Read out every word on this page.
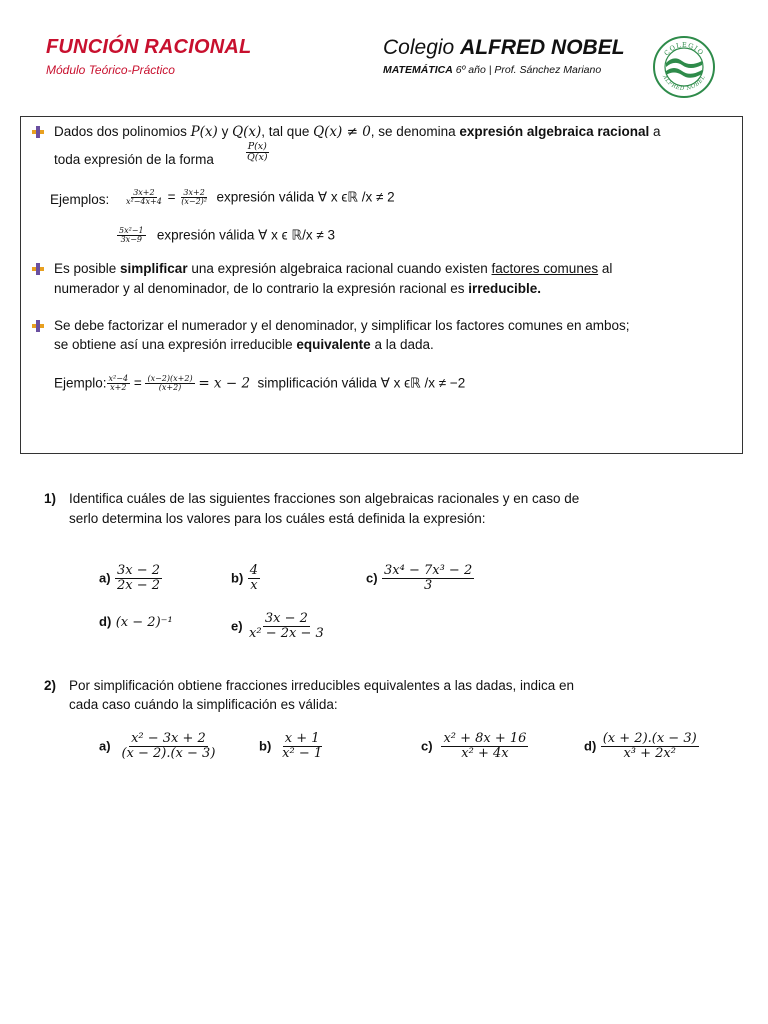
FUNCIÓN RACIONAL
Módulo Teórico-Práctico
Colegio ALFRED NOBEL
MATEMÁTICA 6º año | Prof. Sánchez Mariano
COLEGIO
ALFRED NOBEL
Dados dos polinomios P(x) y Q(x), tal que Q(x) ≠ 0, se denomina expresión algebraica racional a
toda expresión de la forma	$\frac{P(x)}{Q(x)}$
Ejemplos: $\frac{3x+2}{\text{x²−4x+4}} = \frac{3x+2}{\text{(x−2)²}}$ expresión válida ∀ x ϵℝ /x ≠ 2
$\frac{\text{5x²−1}}{3x-9}$ expresión válida ∀ x ϵ ℝ/x ≠ 3
Es posible simplificar una expresión algebraica racional cuando existen factores comunes al
numerador y al denominador, de lo contrario la expresión racional es irreducible.
Se debe factorizar el numerador y el denominador, y simplificar los factores comunes en ambos;
se obtiene así una expresión irreducible equivalente a la dada.
Ejemplo: $\frac{\text{x²−4}}{x+2} = \frac{(x-2)(x+2)}{(x+2)} = x - 2$ simplificación válida ∀ x ϵℝ /x ≠ −2
1) Identifica cuáles de las siguientes fracciones son algebraicas racionales y en caso de
serlo determina los valores para los cuáles está definida la expresión:
$a) \frac{3x - 2}{2x - 2}$	$b) \frac{4}{x}$	$c) \frac{\text{3x⁴ − 7x³ − 2}}{3}$
d) (x − 2)⁻¹	$e) \frac{3x - 2}{\text{x² − 2x − 3}}$
2) Por simplificación obtiene fracciones irreducibles equivalentes a las dadas, indica en
cada caso cuándo la simplificación es válida:
$a) \frac{\text{x² − 3x + 2}}{(x - 2).(x - 3)}$	$b) \frac{x + 1}{\text{x² − 1}}$	$c) \frac{\text{x² + 8x + 16}}{\text{x² + 4x}}$	$d) \frac{(x + 2).(x - 3)}{\text{x³ + 2x²}}$
